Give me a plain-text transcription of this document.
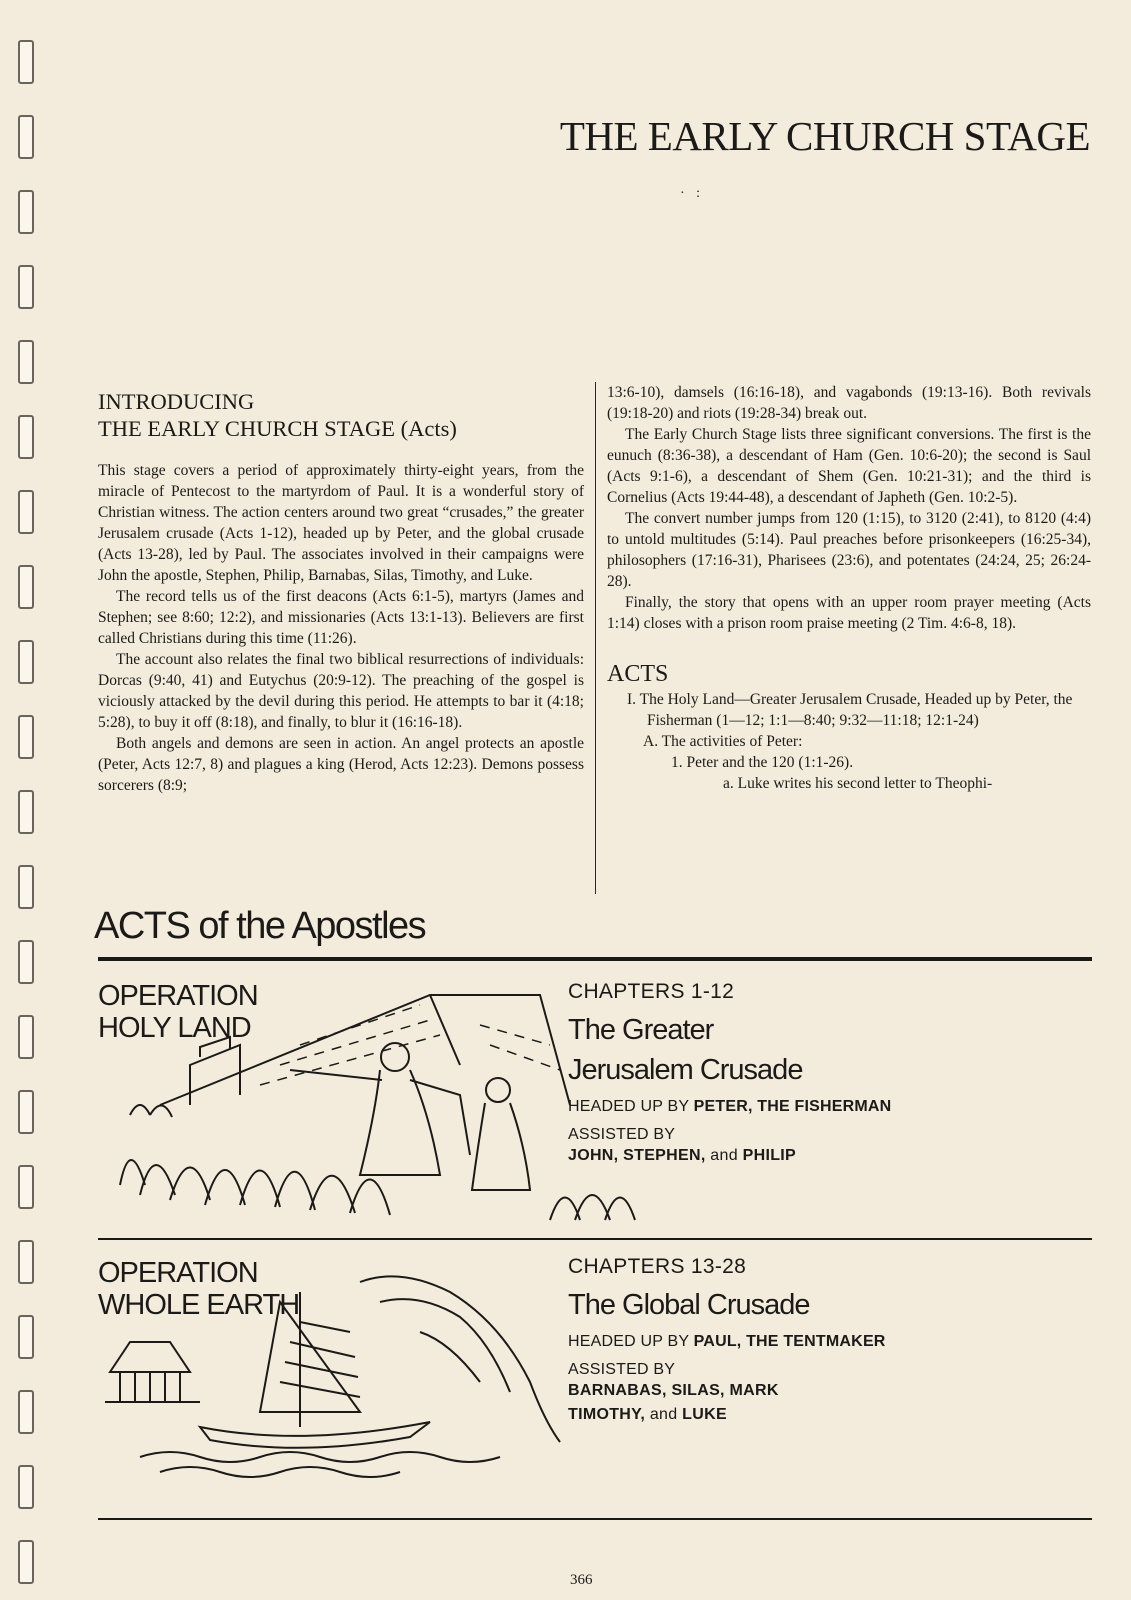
THE EARLY CHURCH STAGE
· :
INTRODUCING
THE EARLY CHURCH STAGE (Acts)

This stage covers a period of approximately thirty-eight years, from the miracle of Pentecost to the martyrdom of Paul. It is a wonderful story of Christian witness. The action centers around two great “crusades,” the greater Jerusalem crusade (Acts 1-12), headed up by Peter, and the global crusade (Acts 13-28), led by Paul. The associates involved in their campaigns were John the apostle, Stephen, Philip, Barnabas, Silas, Timothy, and Luke.

The record tells us of the first deacons (Acts 6:1-5), martyrs (James and Stephen; see 8:60; 12:2), and missionaries (Acts 13:1-13). Believers are first called Christians during this time (11:26).

The account also relates the final two biblical resurrections of individuals: Dorcas (9:40, 41) and Eutychus (20:9-12). The preaching of the gospel is viciously attacked by the devil during this period. He attempts to bar it (4:18; 5:28), to buy it off (8:18), and finally, to blur it (16:16-18).

Both angels and demons are seen in action. An angel protects an apostle (Peter, Acts 12:7, 8) and plagues a king (Herod, Acts 12:23). Demons possess sorcerers (8:9;

13:6-10), damsels (16:16-18), and vagabonds (19:13-16). Both revivals (19:18-20) and riots (19:28-34) break out.

The Early Church Stage lists three significant conversions. The first is the eunuch (8:36-38), a descendant of Ham (Gen. 10:6-20); the second is Saul (Acts 9:1-6), a descendant of Shem (Gen. 10:21-31); and the third is Cornelius (Acts 19:44-48), a descendant of Japheth (Gen. 10:2-5).

The convert number jumps from 120 (1:15), to 3120 (2:41), to 8120 (4:4) to untold multitudes (5:14). Paul preaches before prisonkeepers (16:25-34), philosophers (17:16-31), Pharisees (23:6), and potentates (24:24, 25; 26:24-28).

Finally, the story that opens with an upper room prayer meeting (Acts 1:14) closes with a prison room praise meeting (2 Tim. 4:6-8, 18).

ACTS
I. The Holy Land—Greater Jerusalem Crusade, Headed up by Peter, the Fisherman (1—12; 1:1—8:40; 9:32—11:18; 12:1-24)
A. The activities of Peter:
1. Peter and the 120 (1:1-26).
a. Luke writes his second letter to Theophi-
ACTS of the Apostles
OPERATION
HOLY LAND
CHAPTERS 1-12
The Greater
Jerusalem Crusade
HEADED UP BY PETER, THE FISHERMAN
ASSISTED BY
JOHN, STEPHEN, and PHILIP
OPERATION
WHOLE EARTH
CHAPTERS 13-28
The Global Crusade
HEADED UP BY PAUL, THE TENTMAKER
ASSISTED BY
BARNABAS, SILAS, MARK
TIMOTHY, and LUKE
366
